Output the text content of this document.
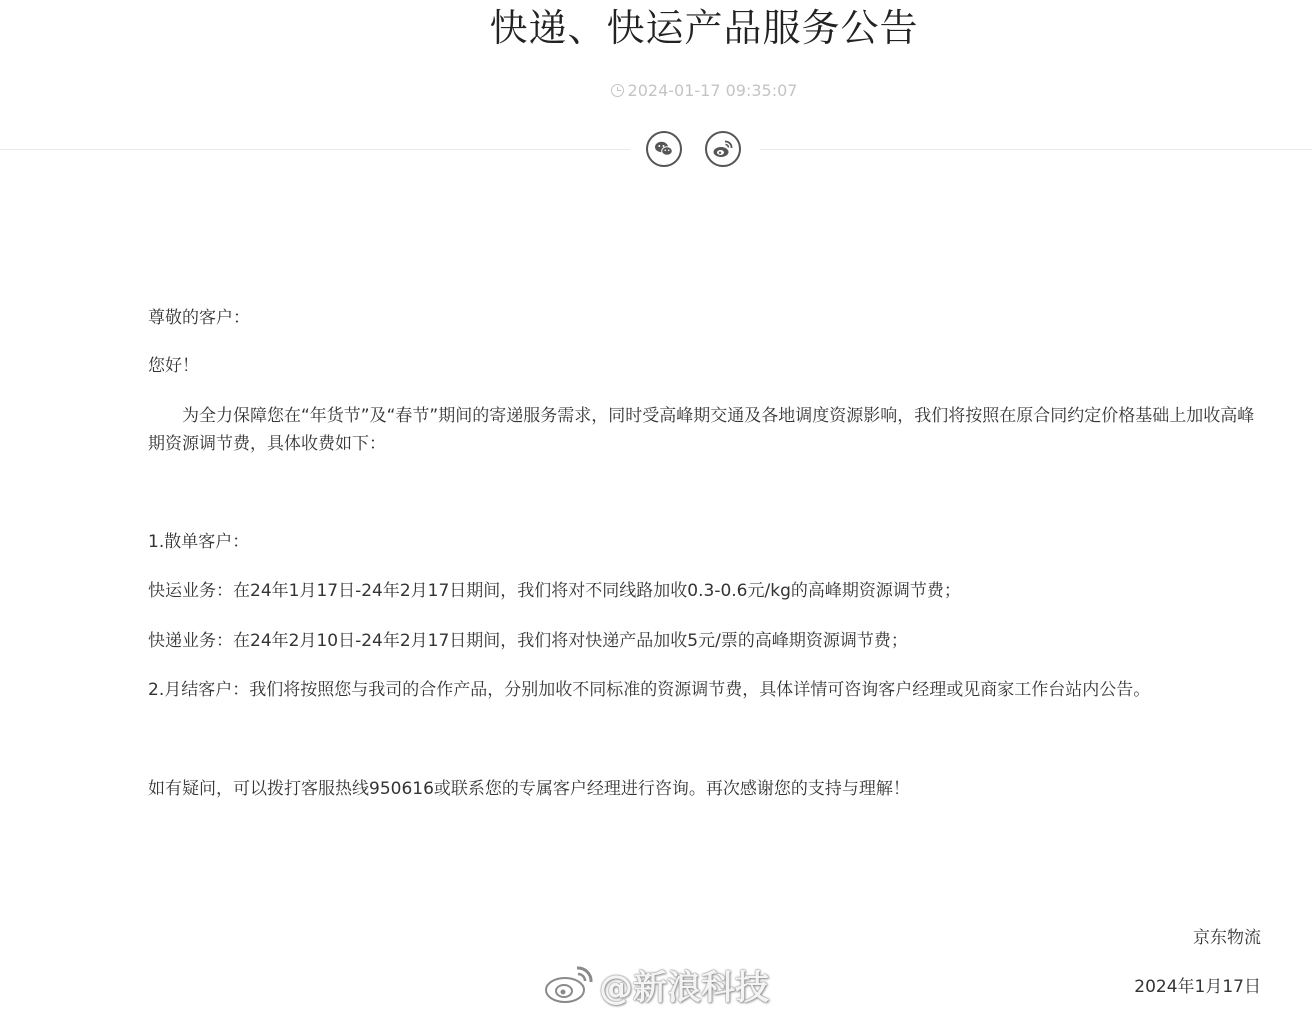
快递、快运产品服务公告
2024-01-17 09:35:07

尊敬的客户：

您好！

为全力保障您在“年货节”及“春节”期间的寄递服务需求，同时受高峰期交通及各地调度资源影响，我们将按照在原合同约定价格基础上加收高峰期资源调节费，具体收费如下：

1.散单客户：

快运业务：在24年1月17日-24年2月17日期间，我们将对不同线路加收0.3-0.6元/kg的高峰期资源调节费；

快递业务：在24年2月10日-24年2月17日期间，我们将对快递产品加收5元/票的高峰期资源调节费；

2.月结客户：我们将按照您与我司的合作产品，分别加收不同标准的资源调节费，具体详情可咨询客户经理或见商家工作台站内公告。

如有疑问，可以拨打客服热线950616或联系您的专属客户经理进行咨询。再次感谢您的支持与理解！

京东物流

2024年1月17日

@新浪科技
